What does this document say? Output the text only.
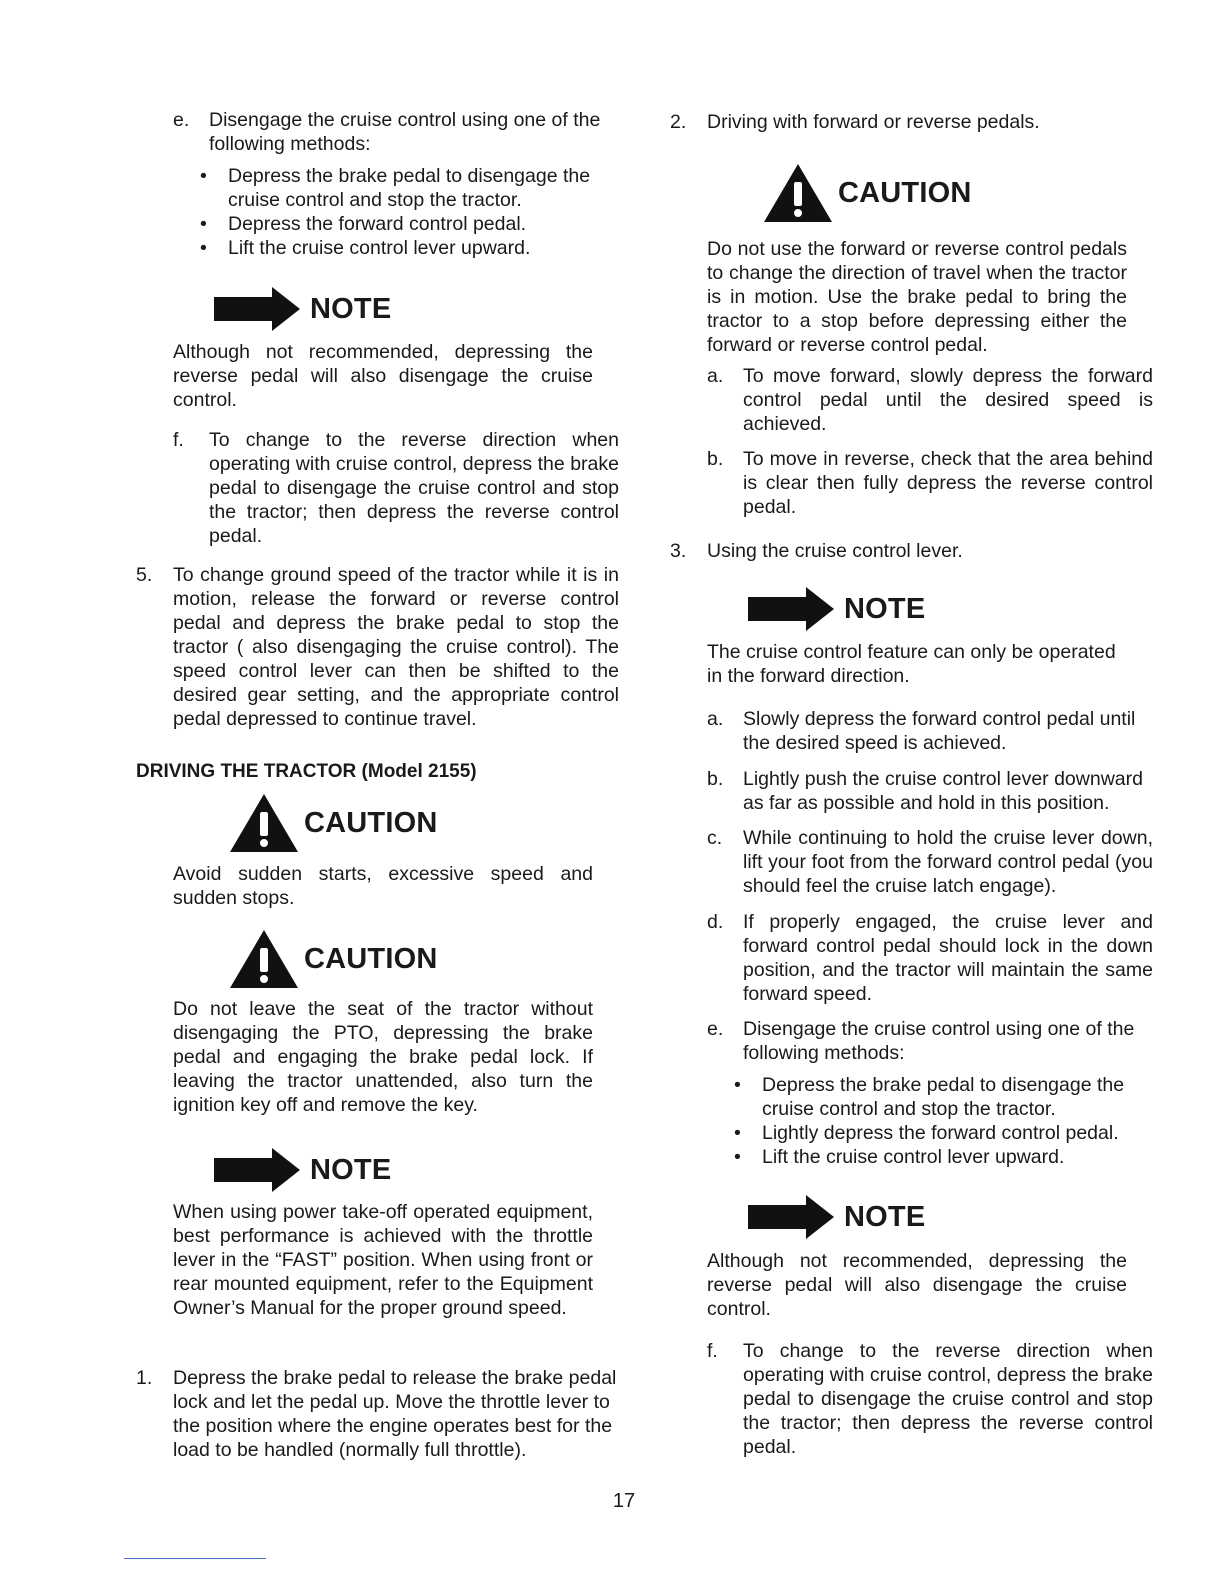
e. Disengage the cruise control using one of the following methods:

• Depress the brake pedal to disengage the cruise control and stop the tractor.
• Depress the forward control pedal.
• Lift the cruise control lever upward.
NOTE

Although not recommended, depressing the reverse pedal will also disengage the cruise control.

f. To change to the reverse direction when operating with cruise control, depress the brake pedal to disengage the cruise control and stop the tractor; then depress the reverse control pedal.

5. To change ground speed of the tractor while it is in motion, release the forward or reverse control pedal and depress the brake pedal to stop the tractor ( also disengaging the cruise control). The speed control lever can then be shifted to the desired gear setting, and the appropriate control pedal depressed to continue travel.

DRIVING THE TRACTOR (Model 2155)
CAUTION

Avoid sudden starts, excessive speed and sudden stops.

CAUTION

Do not leave the seat of the tractor without disengaging the PTO, depressing the brake pedal and engaging the brake pedal lock. If leaving the tractor unattended, also turn the ignition key off and remove the key.

NOTE

When using power take-off operated equipment, best performance is achieved with the throttle lever in the “FAST” position. When using front or rear mounted equipment, refer to the Equipment Owner’s Manual for the proper ground speed.

1. Depress the brake pedal to release the brake pedal lock and let the pedal up. Move the throttle lever to the position where the engine operates best for the load to be handled (normally full throttle).

2. Driving with forward or reverse pedals.

CAUTION

Do not use the forward or reverse control pedals to change the direction of travel when the tractor is in motion. Use the brake pedal to bring the tractor to a stop before depressing either the forward or reverse control pedal.

a. To move forward, slowly depress the forward control pedal until the desired speed is achieved.

b. To move in reverse, check that the area behind is clear then fully depress the reverse control pedal.

3. Using the cruise control lever.

NOTE

The cruise control feature can only be operated in the forward direction.

a. Slowly depress the forward control pedal until the desired speed is achieved.

b. Lightly push the cruise control lever downward as far as possible and hold in this position.

c. While continuing to hold the cruise lever down, lift your foot from the forward control pedal (you should feel the cruise latch engage).

d. If properly engaged, the cruise lever and forward control pedal should lock in the down position, and the tractor will maintain the same forward speed.

e. Disengage the cruise control using one of the following methods:

• Depress the brake pedal to disengage the cruise control and stop the tractor.
• Lightly depress the forward control pedal.
• Lift the cruise control lever upward.
NOTE

Although not recommended, depressing the reverse pedal will also disengage the cruise control.

f. To change to the reverse direction when operating with cruise control, depress the brake pedal to disengage the cruise control and stop the tractor; then depress the reverse control pedal.

17
